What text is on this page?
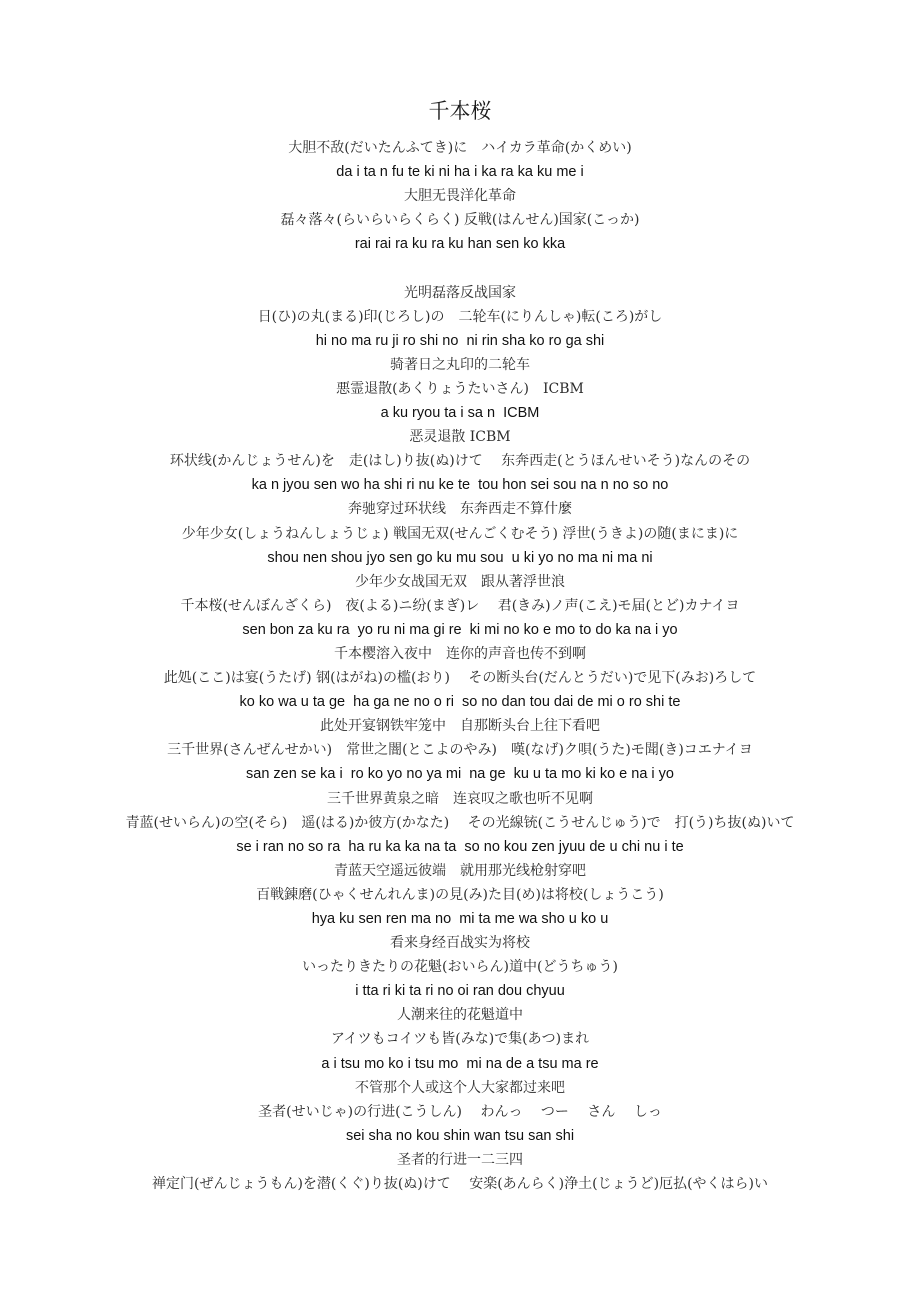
千本桜
大胆不敌(だいたんふてき)に　ハイカラ革命(かくめい)
da i ta n fu te ki ni ha i ka ra ka ku me i
大胆无畏洋化革命
磊々落々(らいらいらくらく) 反戦(はんせん)国家(こっか)
rai rai ra ku ra ku han sen ko kka
光明磊落反战国家
日(ひ)の丸(まる)印(じろし)の　二轮车(にりんしゃ)転(ころ)がし
hi no ma ru ji ro shi no  ni rin sha ko ro ga shi
骑著日之丸印的二轮车
悪霊退散(あくりょうたいさん)　ICBM
a ku ryou ta i sa n  ICBM
恶灵退散 ICBM
环状线(かんじょうせん)を　走(はし)り抜(ぬ)けて　 东奔西走(とうほんせいそう)なんのその
ka n jyou sen wo ha shi ri nu ke te  tou hon sei sou na n no so no
奔驰穿过环状线　东奔西走不算什麼
少年少女(しょうねんしょうじょ) 戦国无双(せんごくむそう) 浮世(うきよ)の随(まにま)に
shou nen shou jyo sen go ku mu sou  u ki yo no ma ni ma ni
少年少女战国无双　跟从著浮世浪
千本桜(せんぼんざくら)　夜(よる)ニ纷(まぎ)レ　 君(きみ)ノ声(こえ)モ届(とど)カナイヨ
sen bon za ku ra  yo ru ni ma gi re  ki mi no ko e mo to do ka na i yo
千本樱溶入夜中　连你的声音也传不到啊
此処(ここ)は宴(うたげ) 钢(はがね)の槛(おり)　 その断头台(だんとうだい)で见下(みお)ろして
ko ko wa u ta ge  ha ga ne no o ri  so no dan tou dai de mi o ro shi te
此处开宴钢铁牢笼中　自那断头台上往下看吧
三千世界(さんぜんせかい)　常世之闇(とこよのやみ)　嘆(なげ)ク唄(うた)モ聞(き)コエナイヨ
san zen se ka i  ro ko yo no ya mi  na ge  ku u ta mo ki ko e na i yo
三千世界黄泉之暗　连哀叹之歌也听不见啊
青蓝(せいらん)の空(そら)　遥(はる)か彼方(かなた)　 その光線铳(こうせんじゅう)で　打(う)ち抜(ぬ)いて
se i ran no so ra  ha ru ka ka na ta  so no kou zen jyuu de u chi nu i te
青蓝天空遥远彼端　就用那光线枪射穿吧
百戦錬磨(ひゃくせんれんま)の見(み)た目(め)は将校(しょうこう)
hya ku sen ren ma no  mi ta me wa sho u ko u
看来身经百战实为将校
いったりきたりの花魁(おいらん)道中(どうちゅう)
i tta ri ki ta ri no oi ran dou chyuu
人潮来往的花魁道中
アイツもコイツも皆(みな)で集(あつ)まれ
a i tsu mo ko i tsu mo  mi na de a tsu ma re
不管那个人或这个人大家都过来吧
圣者(せいじゃ)の行进(こうしん)　 わんっ　 つー　 さん　 しっ
sei sha no kou shin wan tsu san shi
圣者的行进一二三四
禅定门(ぜんじょうもん)を潜(くぐ)り抜(ぬ)けて　 安楽(あんらく)浄土(じょうど)厄払(やくはら)い
